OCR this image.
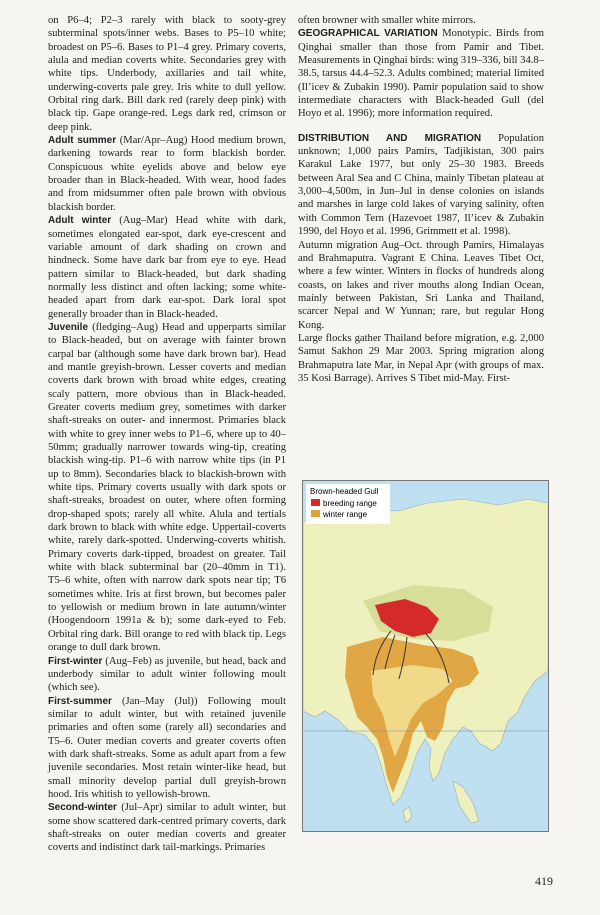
on P6–4; P2–3 rarely with black to sooty-grey subterminal spots/inner webs. Bases to P5–10 white; broadest on P5–6. Bases to P1–4 grey. Primary coverts, alula and median coverts white. Secondaries grey with white tips. Underbody, axillaries and tail white, underwing-coverts pale grey. Iris white to dull yellow. Orbital ring dark. Bill dark red (rarely deep pink) with black tip. Gape orange-red. Legs dark red, crimson or deep pink.

Adult summer (Mar/Apr–Aug) Hood medium brown, darkening towards rear to form blackish border. Conspicuous white eyelids above and below eye broader than in Black-headed. With wear, hood fades and from midsummer often pale brown with obvious blackish border.

Adult winter (Aug–Mar) Head white with dark, sometimes elongated ear-spot, dark eye-crescent and variable amount of dark shading on crown and hindneck. Some have dark bar from eye to eye. Head pattern similar to Black-headed, but dark shading normally less distinct and often lacking; some white-headed apart from dark ear-spot. Dark loral spot generally broader than in Black-headed.

Juvenile (fledging–Aug) Head and upperparts similar to Black-headed, but on average with fainter brown carpal bar (although some have dark brown bar). Head and mantle greyish-brown. Lesser coverts and median coverts dark brown with broad white edges, creating scaly pattern, more obvious than in Black-headed. Greater coverts medium grey, sometimes with darker shaft-streaks on outer- and innermost. Primaries black with white to grey inner webs to P1–6, where up to 40–50mm; gradually narrower towards wing-tip, creating blackish wing-tip. P1–6 with narrow white tips (in P1 up to 8mm). Secondaries black to blackish-brown with white tips. Primary coverts usually with dark spots or shaft-streaks, broadest on outer, where often forming drop-shaped spots; rarely all white. Alula and tertials dark brown to black with white edge. Uppertail-coverts white, rarely dark-spotted. Underwing-coverts whitish. Primary coverts dark-tipped, broadest on greater. Tail white with black subterminal bar (20–40mm in T1). T5–6 white, often with narrow dark spots near tip; T6 sometimes white. Iris at first brown, but becomes paler to yellowish or medium brown in late autumn/winter (Hoogendoorn 1991a & b); some dark-eyed to Feb. Orbital ring dark. Bill orange to red with black tip. Legs orange to dull dark brown.

First-winter (Aug–Feb) as juvenile, but head, back and underbody similar to adult winter following moult (which see).

First-summer (Jan–May (Jul)) Following moult similar to adult winter, but with retained juvenile primaries and often some (rarely all) secondaries and T5–6. Outer median coverts and greater coverts often with dark shaft-streaks. Some as adult apart from a few juvenile secondaries. Most retain winter-like head, but small minority develop partial dull greyish-brown hood. Iris whitish to yellowish-brown.

Second-winter (Jul–Apr) similar to adult winter, but some show scattered dark-centred primary coverts, dark shaft-streaks on outer median coverts and greater coverts and indistinct dark tail-markings. Primaries

often browner with smaller white mirrors.

GEOGRAPHICAL VARIATION Monotypic. Birds from Qinghai smaller than those from Pamir and Tibet. Measurements in Qinghai birds: wing 319–336, bill 34.8–38.5, tarsus 44.4–52.3. Adults combined; material limited (Il’icev & Zubakin 1990). Pamir population said to show intermediate characters with Black-headed Gull (del Hoyo et al. 1996); more information required.

DISTRIBUTION AND MIGRATION Population unknown; 1,000 pairs Pamirs, Tadjikistan, 300 pairs Karakul Lake 1977, but only 25–30 1983. Breeds between Aral Sea and C China, mainly Tibetan plateau at 3,000–4,500m, in Jun–Jul in dense colonies on islands and marshes in large cold lakes of varying salinity, often with Common Tern (Hazevoet 1987, Il’icev & Zubakin 1990, del Hoyo et al. 1996, Grimmett et al. 1998).

Autumn migration Aug–Oct. through Pamirs, Himalayas and Brahmaputra. Vagrant E China. Leaves Tibet Oct, where a few winter. Winters in flocks of hundreds along coasts, on lakes and river mouths along Indian Ocean, mainly between Pakistan, Sri Lanka and Thailand, scarcer Nepal and W Yunnan; rare, but regular Hong Kong.

Large flocks gather Thailand before migration, e.g. 2,000 Samut Sakhon 29 Mar 2003. Spring migration along Brahmaputra late Mar, in Nepal Apr (with groups of max. 35 Kosi Barrage). Arrives S Tibet mid-May. First-

Brown-headed Gull
breeding range
winter range
419
